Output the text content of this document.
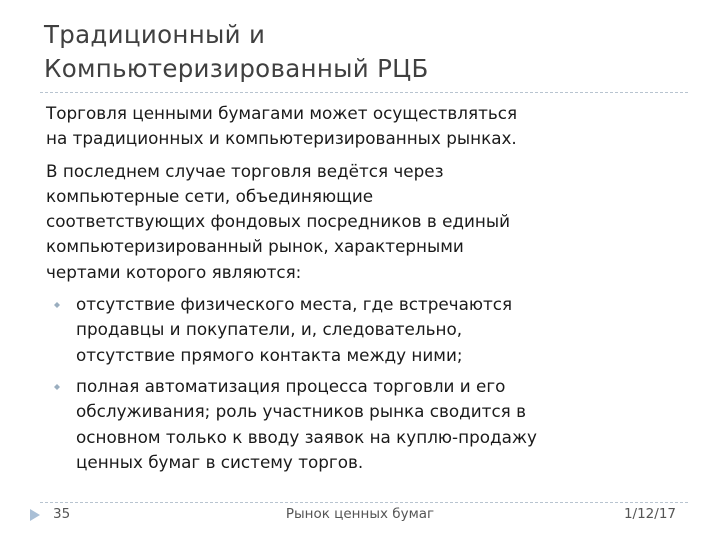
Традиционный и
Компьютеризированный РЦБ
Торговля ценными бумагами может осуществляться
на традиционных и компьютеризированных рынках.
В последнем случае торговля ведётся через
компьютерные сети, объединяющие
соответствующих фондовых посредников в единый
компьютеризированный рынок, характерными
чертами которого являются:
отсутствие физического места, где встречаются
продавцы и покупатели, и, следовательно,
отсутствие прямого контакта между ними;
полная автоматизация процесса торговли и его
обслуживания; роль участников рынка сводится в
основном только к вводу заявок на куплю-продажу
ценных бумаг в систему торгов.
35	Рынок ценных бумаг	1/12/17
